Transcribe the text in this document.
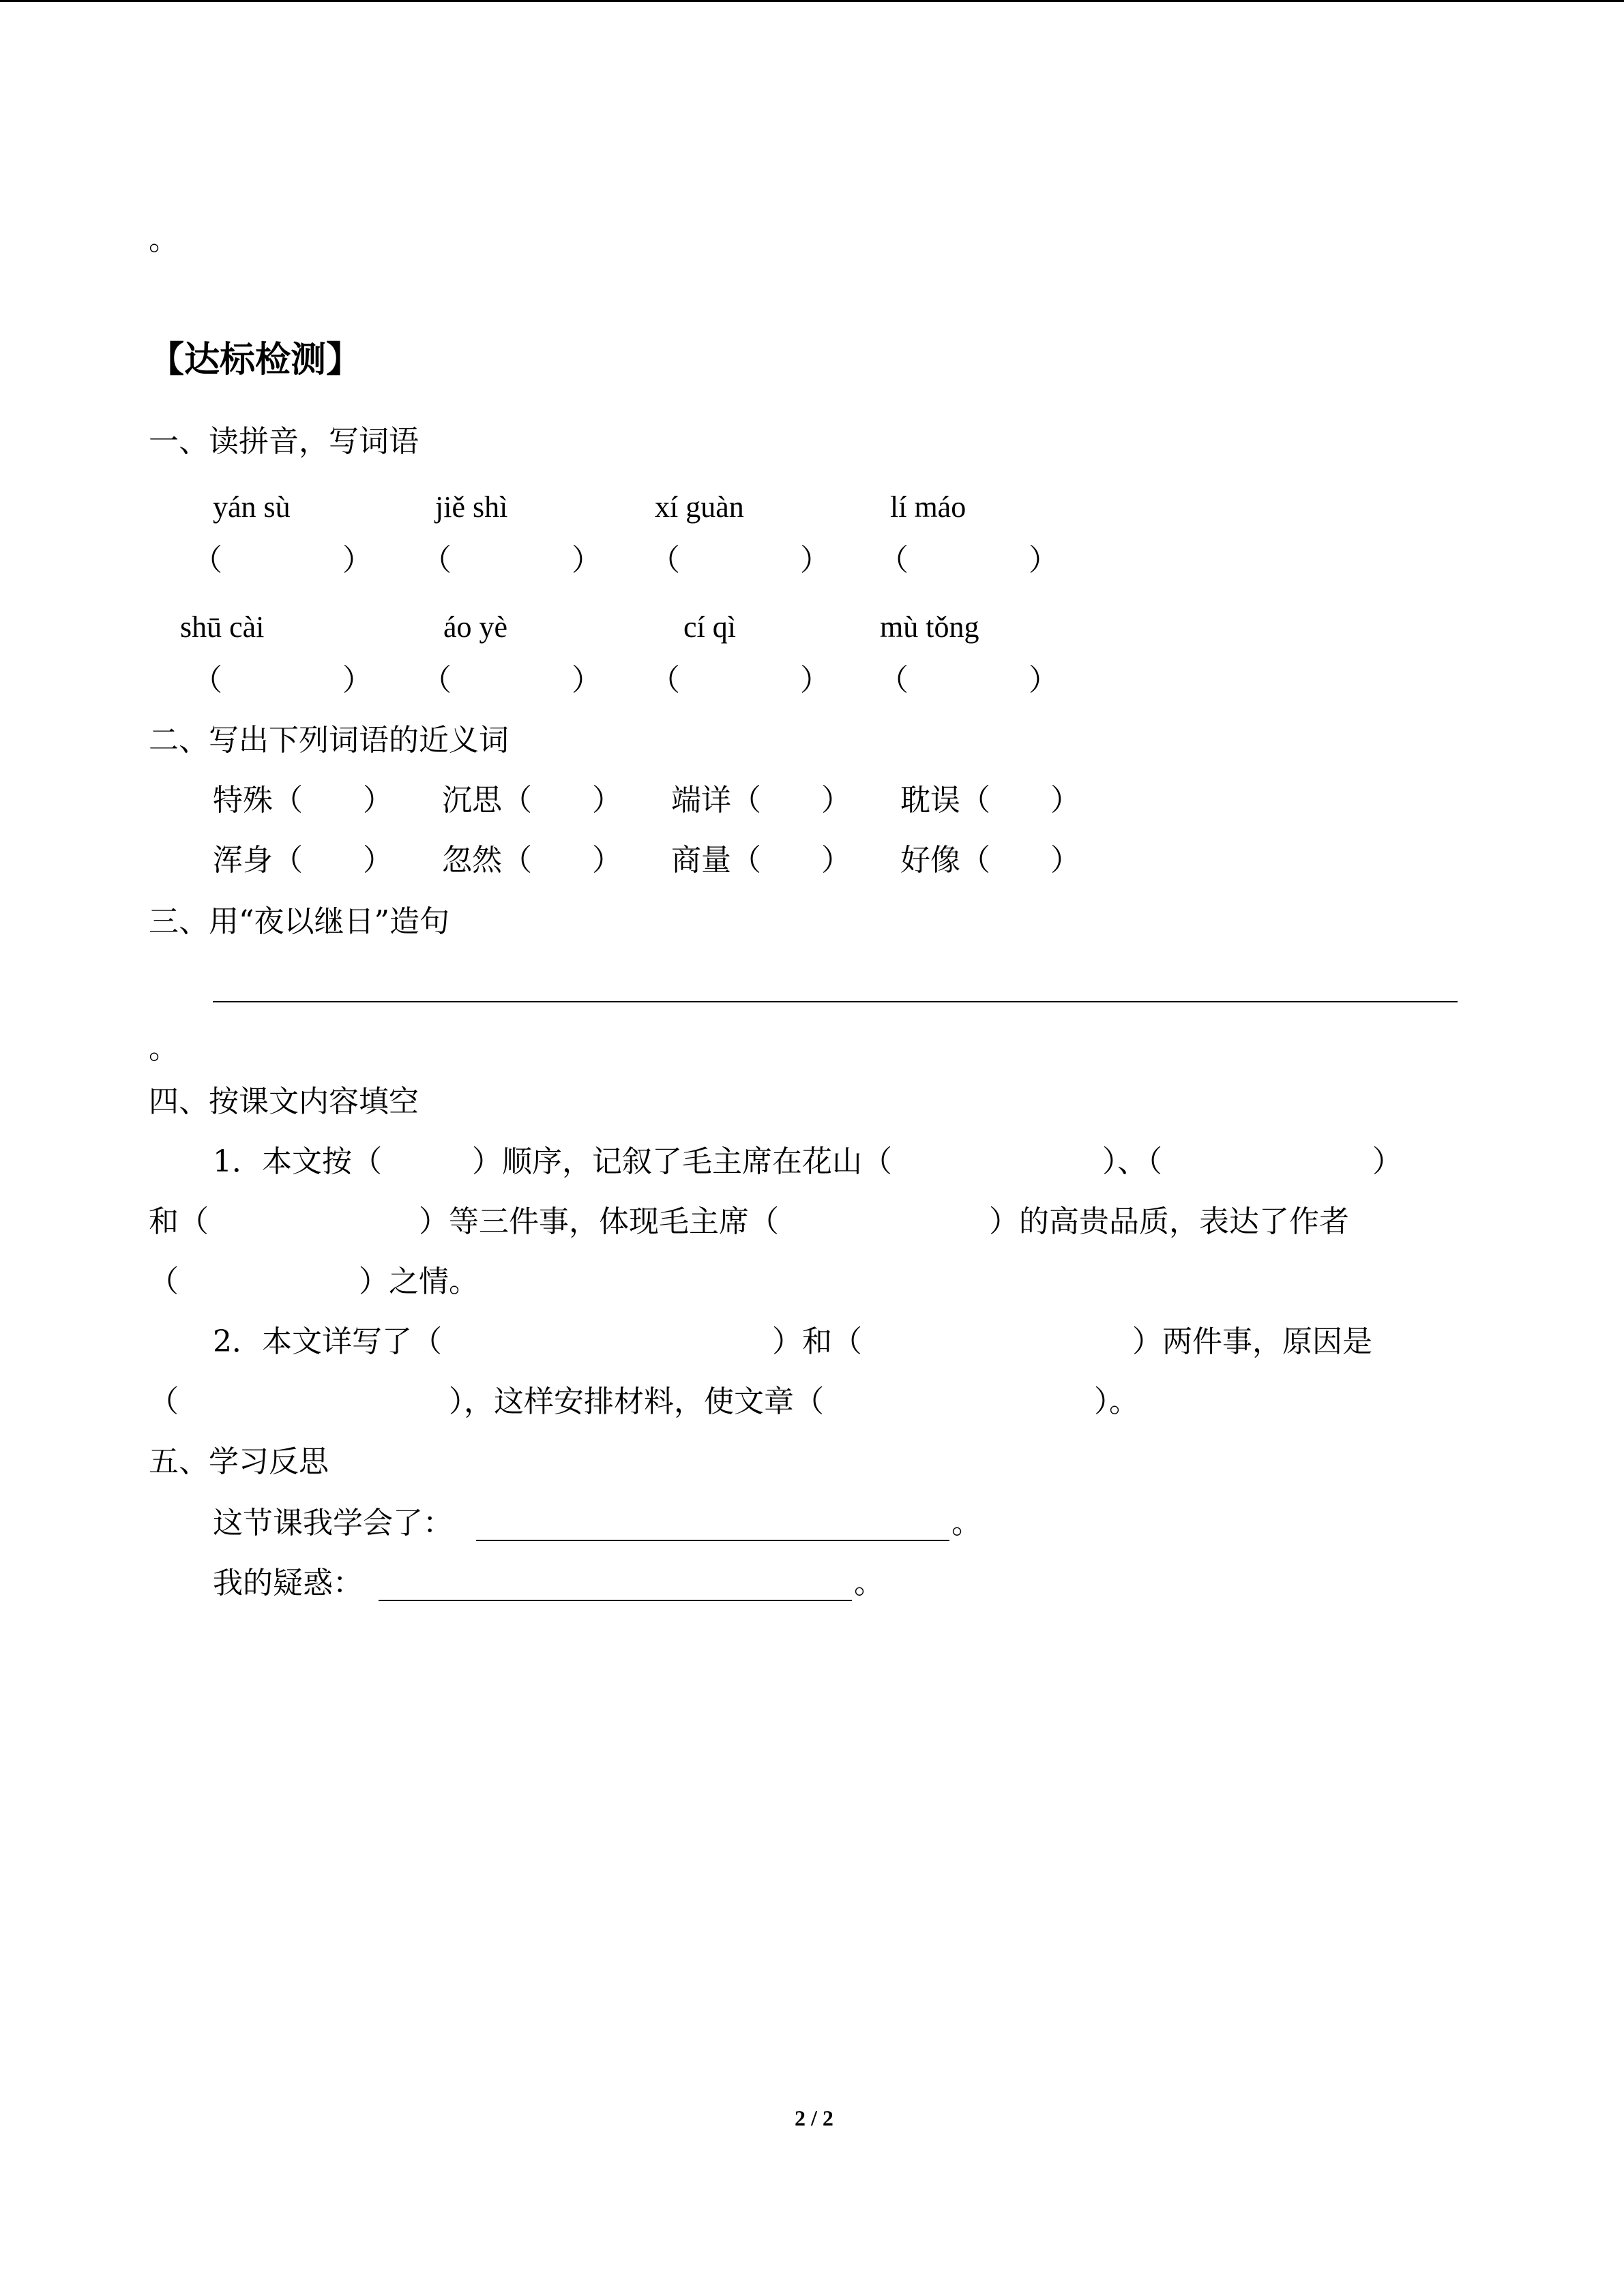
。
【达标检测】
一、读拼音，写词语
yán sù	jiě shì	xí guàn	lí máo
（　　　　） （　　　　） （　　　　） （　　　　）
shū cài	áo yè	cí qì	mù tǒng
（　　　　） （　　　　） （　　　　） （　　　　）
二、写出下列词语的近义词
特殊（　　） 沉思（　　） 端详（　　） 耽误（　　）
浑身（　　） 忽然（　　） 商量（　　） 好像（　　）
三、用“夜以继日”造句
。
四、按课文内容填空
1．本文按（　　　）顺序，记叙了毛主席在花山（　　　　　　　）、（　　　　　　　）
和（　　　　　　　）等三件事，体现毛主席（　　　　　　　）的高贵品质，表达了作者
（　　　　　　）之情。
2．本文详写了（　　　　　　　　　　　）和（　　　　　　　　　）两件事，原因是
（　　　　　　　　　），这样安排材料，使文章（　　　　　　　　　）。
五、学习反思
这节课我学会了：	。
我的疑惑：	。
2 / 2
